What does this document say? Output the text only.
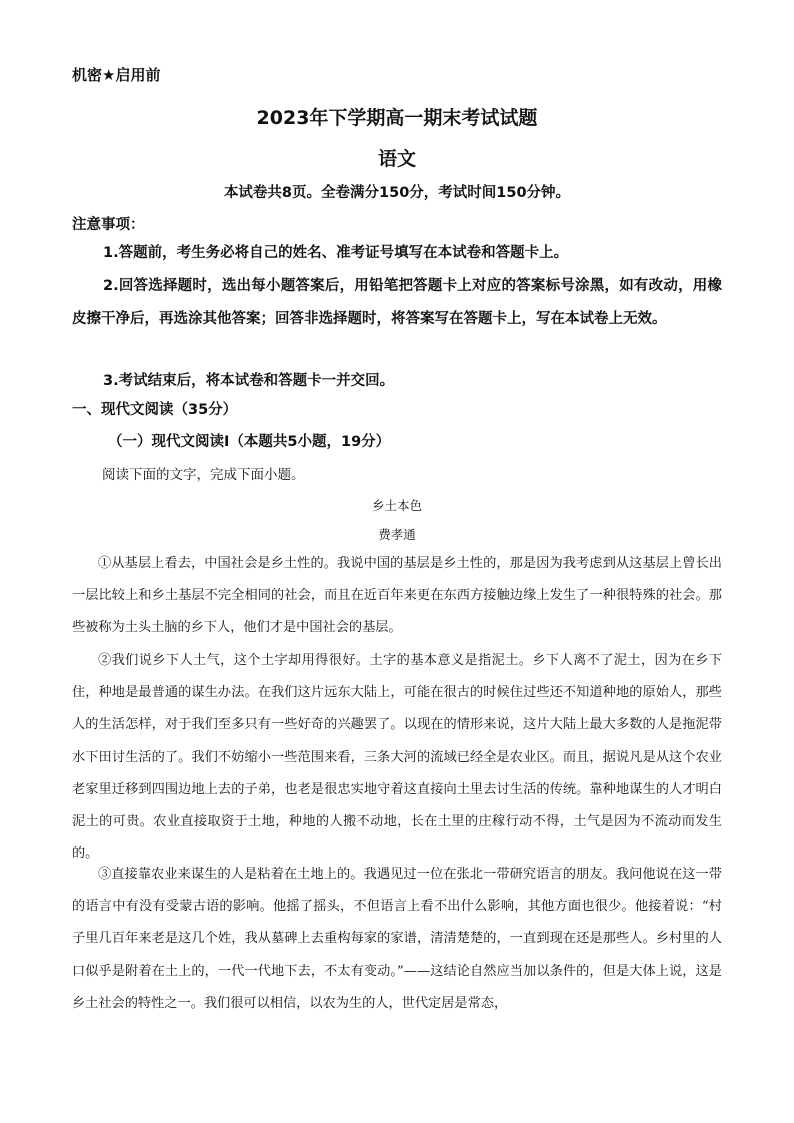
机密★启用前
2023年下学期高一期末考试试题
语文
本试卷共8页。全卷满分150分，考试时间150分钟。
注意事项：

1.答题前，考生务必将自己的姓名、准考证号填写在本试卷和答题卡上。

2.回答选择题时，选出每小题答案后，用铅笔把答题卡上对应的答案标号涂黑，如有改动，用橡皮擦干净后，再选涂其他答案；回答非选择题时，将答案写在答题卡上，写在本试卷上无效。

3.考试结束后，将本试卷和答题卡一并交回。

一、现代文阅读（35分）
（一）现代文阅读Ⅰ（本题共5小题，19分）
阅读下面的文字，完成下面小题。
乡土本色
费孝通

①从基层上看去，中国社会是乡土性的。我说中国的基层是乡土性的，那是因为我考虑到从这基层上曾长出一层比较上和乡土基层不完全相同的社会，而且在近百年来更在东西方接触边缘上发生了一种很特殊的社会。那些被称为土头土脑的乡下人，他们才是中国社会的基层。

②我们说乡下人土气，这个土字却用得很好。土字的基本意义是指泥土。乡下人离不了泥土，因为在乡下住，种地是最普通的谋生办法。在我们这片远东大陆上，可能在很古的时候住过些还不知道种地的原始人，那些人的生活怎样，对于我们至多只有一些好奇的兴趣罢了。以现在的情形来说，这片大陆上最大多数的人是拖泥带水下田讨生活的了。我们不妨缩小一些范围来看，三条大河的流域已经全是农业区。而且，据说凡是从这个农业老家里迁移到四围边地上去的子弟，也老是很忠实地守着这直接向土里去讨生活的传统。靠种地谋生的人才明白泥土的可贵。农业直接取资于土地，种地的人搬不动地，长在土里的庄稼行动不得，土气是因为不流动而发生的。

③直接靠农业来谋生的人是粘着在土地上的。我遇见过一位在张北一带研究语言的朋友。我问他说在这一带的语言中有没有受蒙古语的影响。他摇了摇头，不但语言上看不出什么影响，其他方面也很少。他接着说：“村子里几百年来老是这几个姓，我从墓碑上去重构每家的家谱，清清楚楚的，一直到现在还是那些人。乡村里的人口似乎是附着在土上的，一代一代地下去，不太有变动。”——这结论自然应当加以条件的，但是大体上说，这是乡土社会的特性之一。我们很可以相信，以农为生的人，世代定居是常态，
